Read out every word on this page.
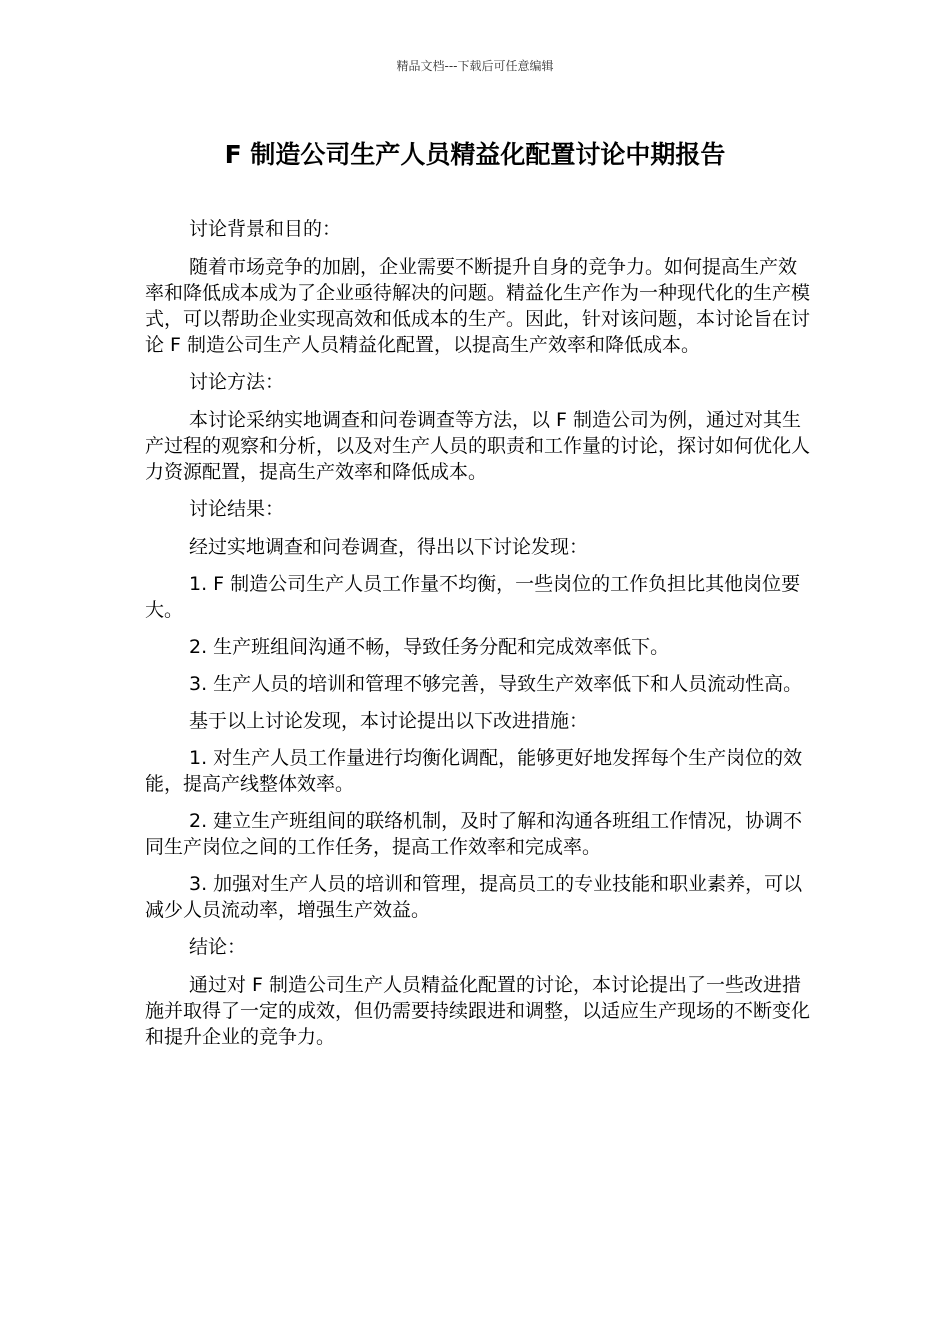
精品文档---下载后可任意编辑
F 制造公司生产人员精益化配置讨论中期报告

讨论背景和目的：

随着市场竞争的加剧，企业需要不断提升自身的竞争力。如何提高生产效率和降低成本成为了企业亟待解决的问题。精益化生产作为一种现代化的生产模式，可以帮助企业实现高效和低成本的生产。因此，针对该问题，本讨论旨在讨论 F 制造公司生产人员精益化配置，以提高生产效率和降低成本。

讨论方法：

本讨论采纳实地调查和问卷调查等方法，以 F 制造公司为例，通过对其生产过程的观察和分析，以及对生产人员的职责和工作量的讨论，探讨如何优化人力资源配置，提高生产效率和降低成本。

讨论结果：

经过实地调查和问卷调查，得出以下讨论发现：

1. F 制造公司生产人员工作量不均衡，一些岗位的工作负担比其他岗位要大。

2. 生产班组间沟通不畅，导致任务分配和完成效率低下。

3. 生产人员的培训和管理不够完善，导致生产效率低下和人员流动性高。

基于以上讨论发现，本讨论提出以下改进措施：

1. 对生产人员工作量进行均衡化调配，能够更好地发挥每个生产岗位的效能，提高产线整体效率。

2. 建立生产班组间的联络机制，及时了解和沟通各班组工作情况，协调不同生产岗位之间的工作任务，提高工作效率和完成率。

3. 加强对生产人员的培训和管理，提高员工的专业技能和职业素养，可以减少人员流动率，增强生产效益。

结论：

通过对 F 制造公司生产人员精益化配置的讨论，本讨论提出了一些改进措施并取得了一定的成效，但仍需要持续跟进和调整，以适应生产现场的不断变化和提升企业的竞争力。
